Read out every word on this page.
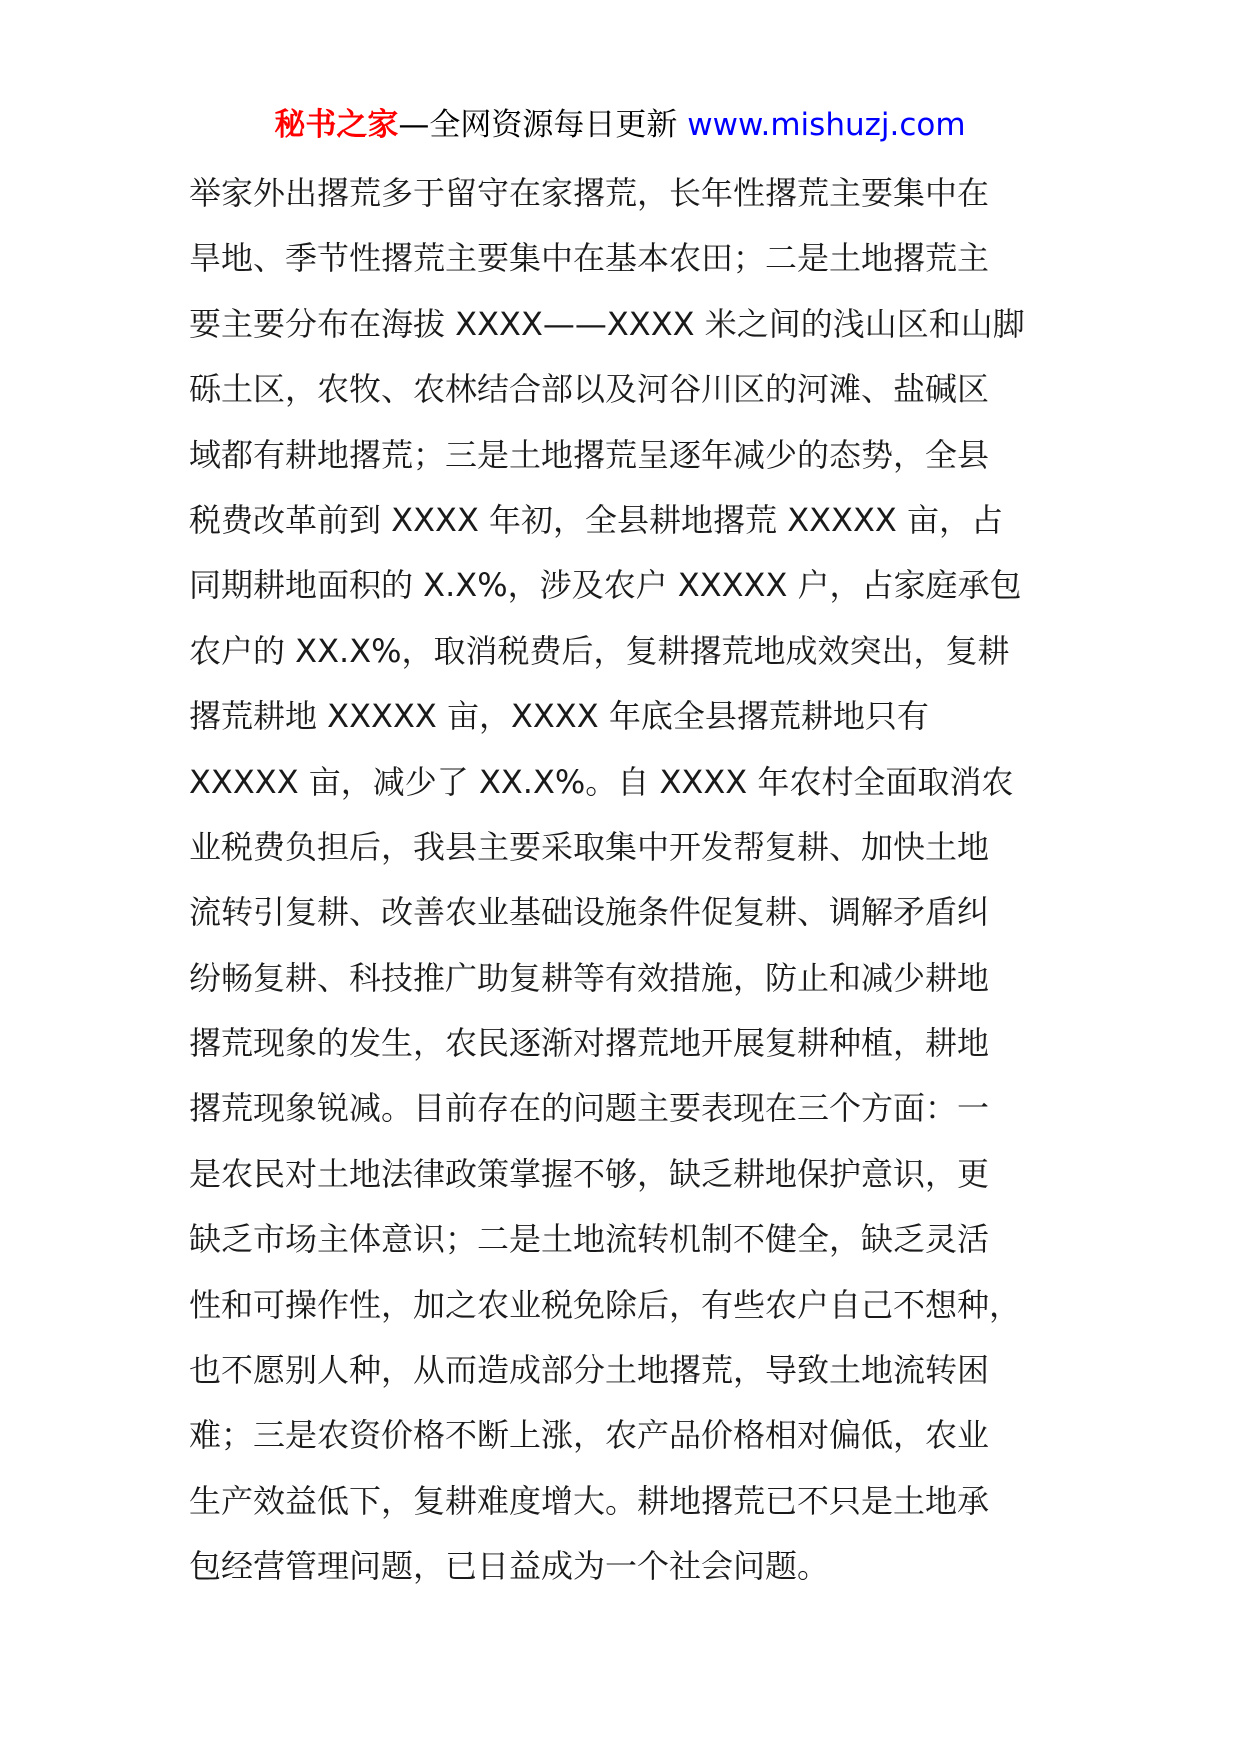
秘书之家—全网资源每日更新 www.mishuzj.com
举家外出撂荒多于留守在家撂荒，长年性撂荒主要集中在
旱地、季节性撂荒主要集中在基本农田；二是土地撂荒主
要主要分布在海拔 XXXX——XXXX 米之间的浅山区和山脚
砾土区，农牧、农林结合部以及河谷川区的河滩、盐碱区
域都有耕地撂荒；三是土地撂荒呈逐年减少的态势，全县
税费改革前到 XXXX 年初，全县耕地撂荒 XXXXX 亩，占
同期耕地面积的 X.X%，涉及农户 XXXXX 户，占家庭承包
农户的 XX.X%，取消税费后，复耕撂荒地成效突出，复耕
撂荒耕地 XXXXX 亩，XXXX 年底全县撂荒耕地只有
XXXXX 亩，减少了 XX.X%。自 XXXX 年农村全面取消农
业税费负担后，我县主要采取集中开发帮复耕、加快土地
流转引复耕、改善农业基础设施条件促复耕、调解矛盾纠
纷畅复耕、科技推广助复耕等有效措施，防止和减少耕地
撂荒现象的发生，农民逐渐对撂荒地开展复耕种植，耕地
撂荒现象锐减。目前存在的问题主要表现在三个方面：一
是农民对土地法律政策掌握不够，缺乏耕地保护意识，更
缺乏市场主体意识；二是土地流转机制不健全，缺乏灵活
性和可操作性，加之农业税免除后，有些农户自己不想种，
也不愿别人种，从而造成部分土地撂荒，导致土地流转困
难；三是农资价格不断上涨，农产品价格相对偏低，农业
生产效益低下，复耕难度增大。耕地撂荒已不只是土地承
包经营管理问题，已日益成为一个社会问题。
